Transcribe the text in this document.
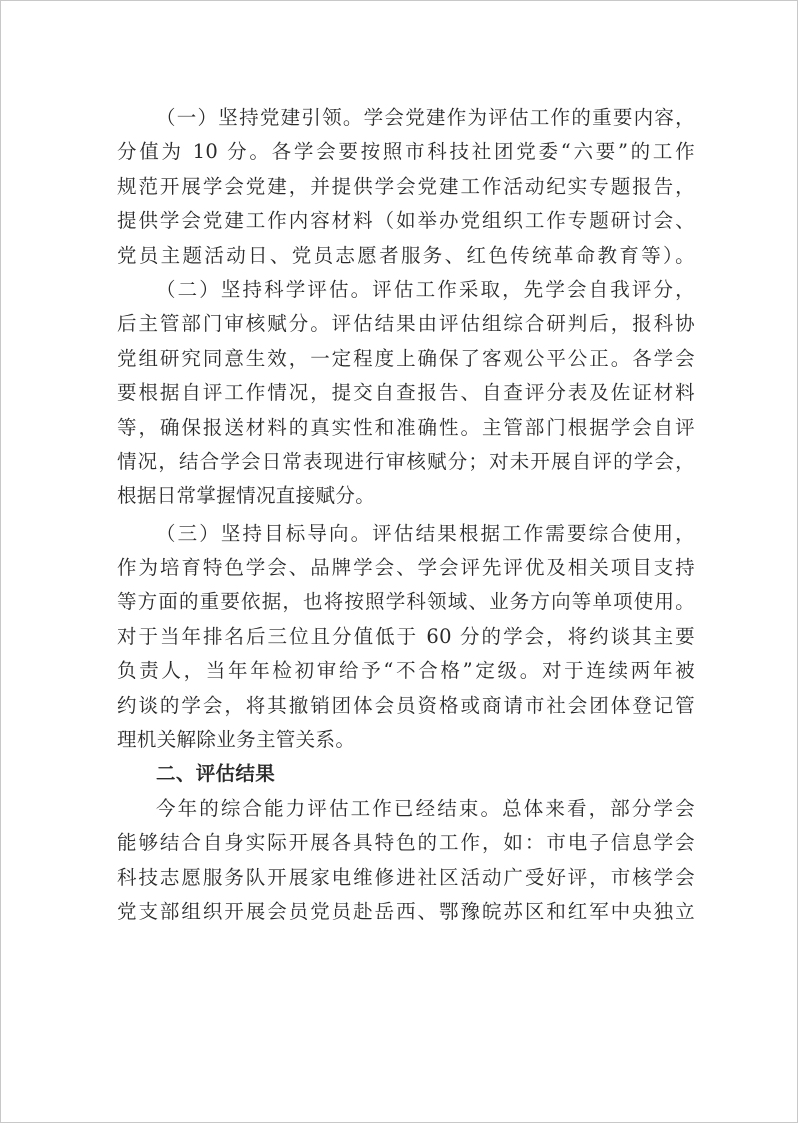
（一）坚持党建引领。学会党建作为评估工作的重要内容，
分值为 10 分。各学会要按照市科技社团党委“六要”的工作
规范开展学会党建，并提供学会党建工作活动纪实专题报告，
提供学会党建工作内容材料（如举办党组织工作专题研讨会、
党员主题活动日、党员志愿者服务、红色传统革命教育等）。
（二）坚持科学评估。评估工作采取，先学会自我评分，
后主管部门审核赋分。评估结果由评估组综合研判后，报科协
党组研究同意生效，一定程度上确保了客观公平公正。各学会
要根据自评工作情况，提交自查报告、自查评分表及佐证材料
等，确保报送材料的真实性和准确性。主管部门根据学会自评
情况，结合学会日常表现进行审核赋分；对未开展自评的学会，
根据日常掌握情况直接赋分。
（三）坚持目标导向。评估结果根据工作需要综合使用，
作为培育特色学会、品牌学会、学会评先评优及相关项目支持
等方面的重要依据，也将按照学科领域、业务方向等单项使用。
对于当年排名后三位且分值低于 60 分的学会，将约谈其主要
负责人，当年年检初审给予“不合格”定级。对于连续两年被
约谈的学会，将其撤销团体会员资格或商请市社会团体登记管
理机关解除业务主管关系。
二、评估结果
今年的综合能力评估工作已经结束。总体来看，部分学会
能够结合自身实际开展各具特色的工作，如：市电子信息学会
科技志愿服务队开展家电维修进社区活动广受好评，市核学会
党支部组织开展会员党员赴岳西、鄂豫皖苏区和红军中央独立
